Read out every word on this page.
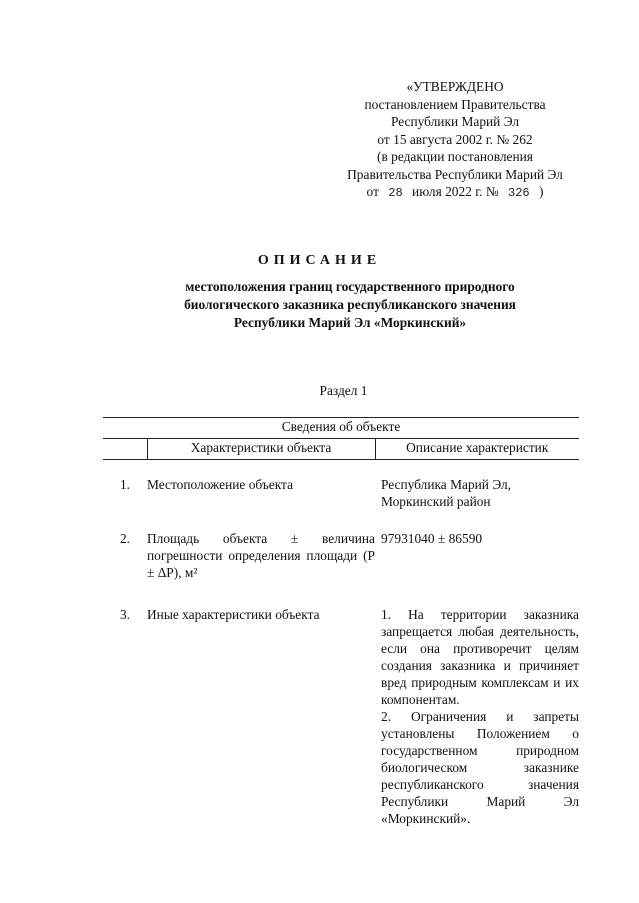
«УТВЕРЖДЕНО
постановлением Правительства
Республики Марий Эл
от 15 августа 2002 г. № 262
(в редакции постановления
Правительства Республики Марий Эл
от 28 июля 2022 г. № 326 )
ОПИСАНИЕ
местоположения границ государственного природного
биологического заказника республиканского значения
Республики Марий Эл «Моркинский»
Раздел 1
Сведения об объекте			
	Характеристики объекта	Описание характеристик	
1.	Местоположение объекта		Республика Марий Эл,
Моркинский район

2.	Площадь объекта ± величина погрешности определения площади (P ± ΔP), м²		97931040 ± 86590

3.	Иные характеристики объекта		1. На территории заказника запрещается любая деятельность, если она противоречит целям создания заказника и причиняет вред природным комплексам и их компонентам.

2. Ограничения и запреты установлены Положением о государственном природном биологическом заказнике республиканского значения Республики Марий Эл «Моркинский».
